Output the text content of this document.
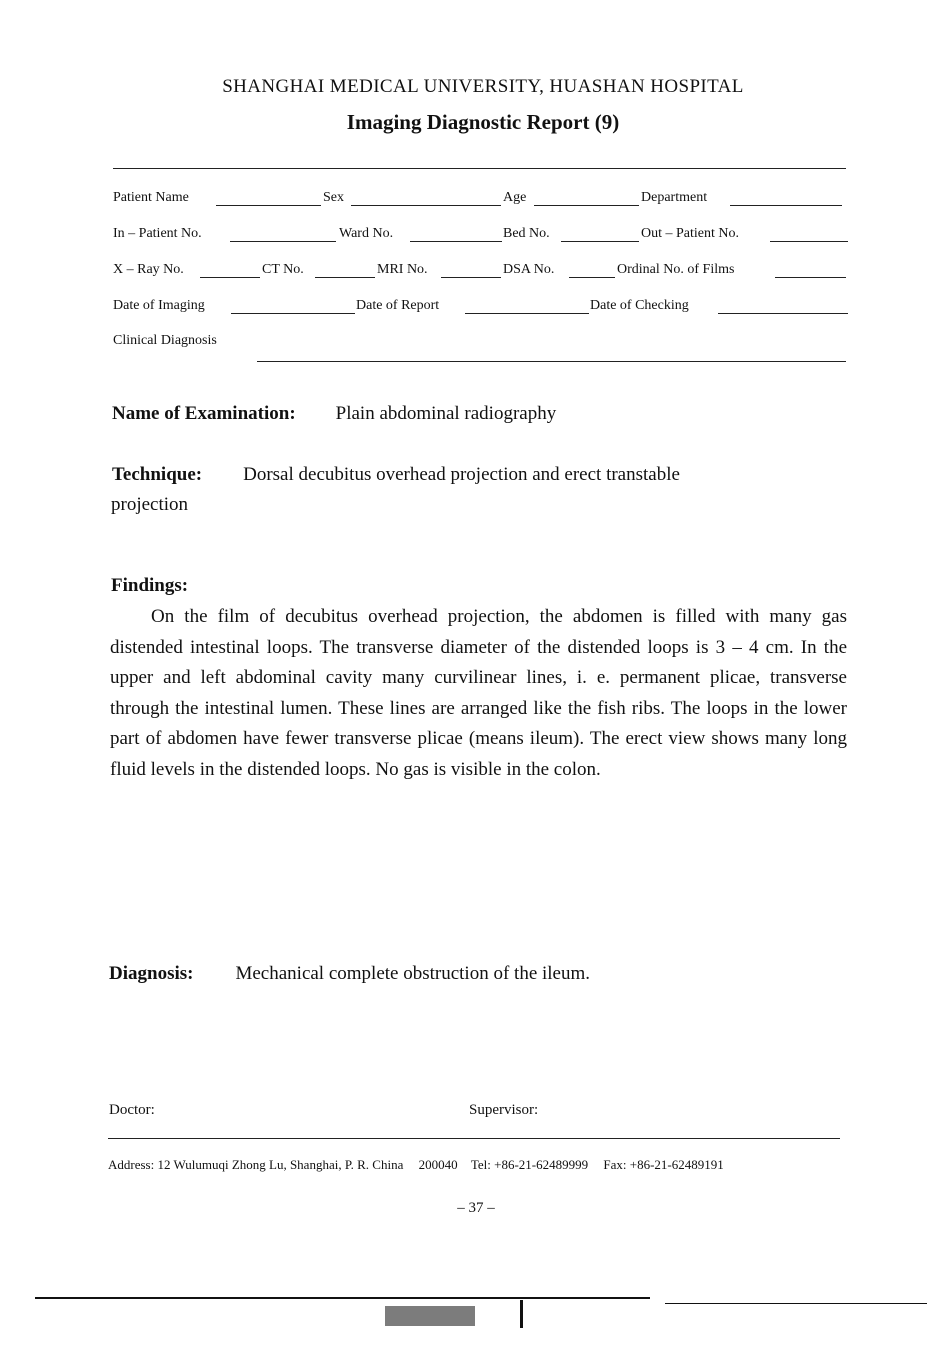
SHANGHAI MEDICAL UNIVERSITY, HUASHAN HOSPITAL
Imaging Diagnostic Report (9)
Patient Name	Sex	Age	Department
In – Patient No.	Ward No.	Bed No.	Out – Patient No.
X – Ray No.	CT No.	MRI No.	DSA No.	Ordinal No. of Films
Date of Imaging	Date of Report	Date of Checking
Clinical Diagnosis
Name of Examination: Plain abdominal radiography
Technique: Dorsal decubitus overhead projection and erect transtable
projection
Findings:
On the film of decubitus overhead projection, the abdomen is filled with many gas distended intestinal loops. The transverse diameter of the distended loops is 3 – 4 cm. In the upper and left abdominal cavity many curvilinear lines, i. e. permanent plicae, transverse through the intestinal lumen. These lines are arranged like the fish ribs. The loops in the lower part of abdomen have fewer transverse plicae (means ileum). The erect view shows many long fluid levels in the distended loops. No gas is visible in the colon.
Diagnosis: Mechanical complete obstruction of the ileum.
Doctor:	Supervisor:
Address: 12 Wulumuqi Zhong Lu, Shanghai, P. R. China 200040 Tel: +86-21-62489999 Fax: +86-21-62489191
– 37 –
